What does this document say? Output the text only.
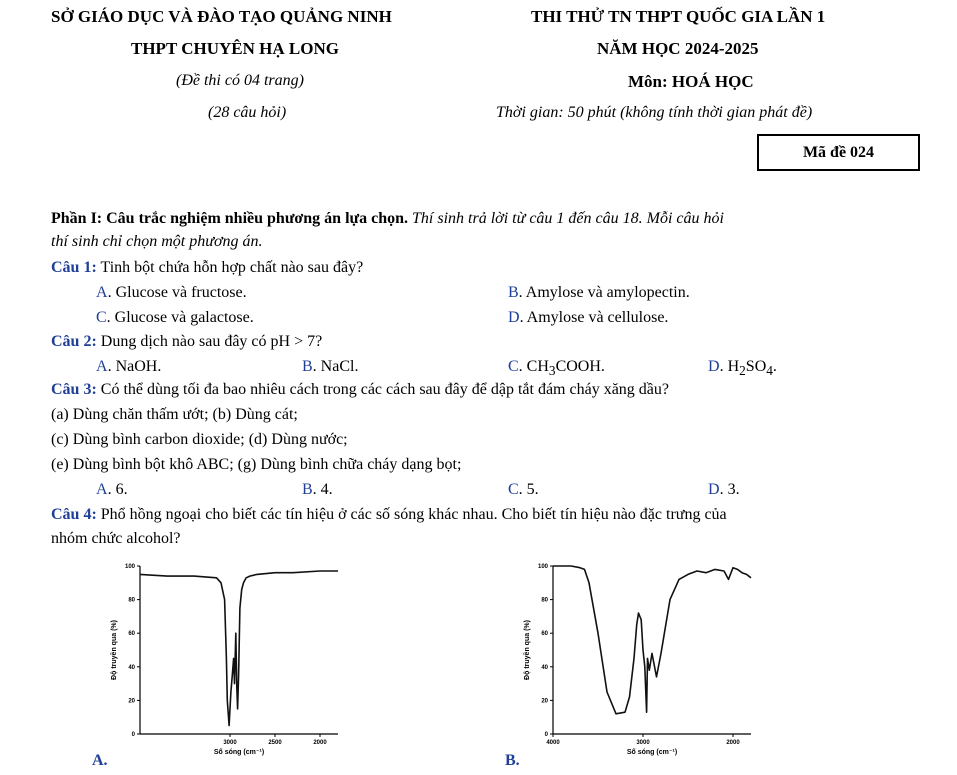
SỞ GIÁO DỤC VÀ ĐÀO TẠO QUẢNG NINH
THPT CHUYÊN HẠ LONG
(Đề thi có 04 trang)
(28 câu hỏi)
THI THỬ TN THPT QUỐC GIA LẦN 1
NĂM HỌC 2024-2025
Môn: HOÁ HỌC
Thời gian: 50 phút (không tính thời gian phát đề)
Mã đề 024
Phần I: Câu trắc nghiệm nhiều phương án lựa chọn. Thí sinh trả lời từ câu 1 đến câu 18. Mỗi câu hỏi
thí sinh chỉ chọn một phương án.
Câu 1: Tinh bột chứa hỗn hợp chất nào sau đây?
A. Glucose và fructose.	B. Amylose và amylopectin.
C. Glucose và galactose.	D. Amylose và cellulose.
Câu 2: Dung dịch nào sau đây có pH > 7?
A. NaOH.	B. NaCl.	C. $CH_3COOH$.	D. $H_2SO_4$.
Câu 3: Có thể dùng tối đa bao nhiêu cách trong các cách sau đây để dập tắt đám cháy xăng dầu?
(a) Dùng chăn thấm ướt; (b) Dùng cát;
(c) Dùng bình carbon dioxide; (d) Dùng nước;
(e) Dùng bình bột khô ABC; (g) Dùng bình chữa cháy dạng bọt;
A. 6.	B. 4.	C. 5.	D. 3.
Câu 4: Phổ hồng ngoại cho biết các tín hiệu ở các số sóng khác nhau. Cho biết tín hiệu nào đặc trưng của
nhóm chức alcohol?
100
80
60
40
20
0
3000	2500	2000
Độ truyền qua (%)
Số sóng (cm⁻¹)
A.
100
80
60
40
20
0
4000	3000	2000
Độ truyền qua (%)
Số sóng (cm⁻¹)
B.
